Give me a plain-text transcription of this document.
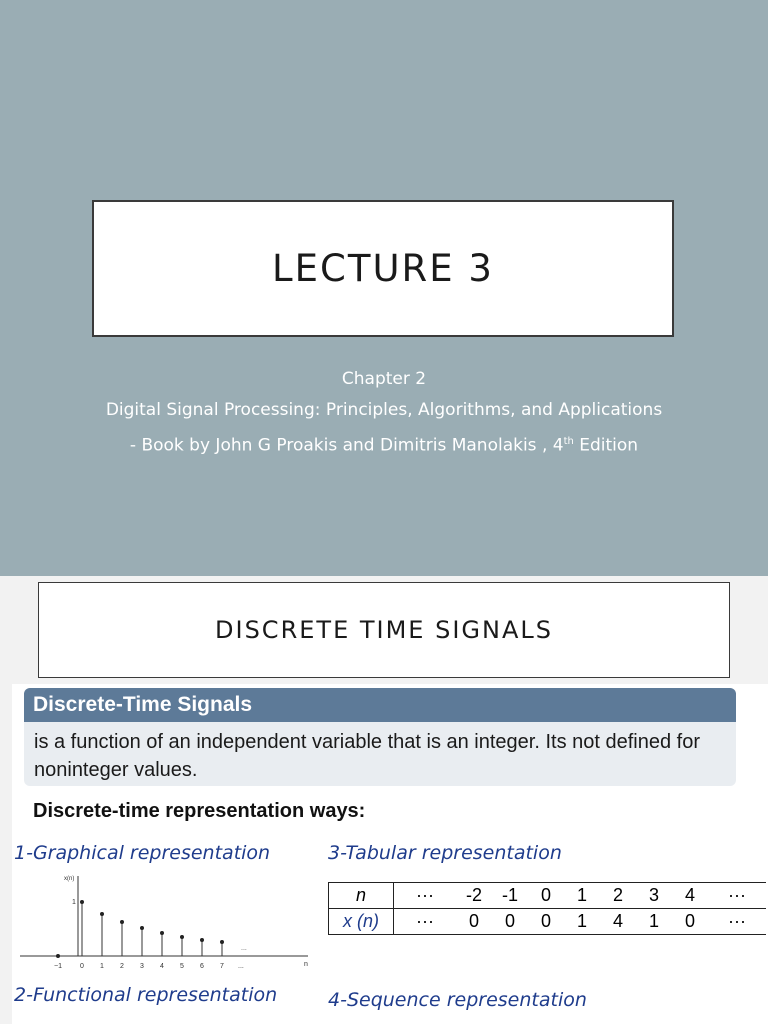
LECTURE 3
Chapter 2
Digital Signal Processing: Principles, Algorithms, and Applications
- Book by John G Proakis and Dimitris Manolakis , 4th Edition
DISCRETE TIME SIGNALS
Discrete-Time Signals
is a function of an independent variable that is an integer. Its not defined for noninteger values.
Discrete-time representation ways:
1-Graphical representation	3-Tabular representation
2-Functional representation	4-Sequence representation
x(n)
n
1
...
−1	0 1 2 3 4 5 6 7 ...
n	···	-2	-1	0	1	2	3	4	···
x (n)	···	0	0	0	1	4	1	0	···
